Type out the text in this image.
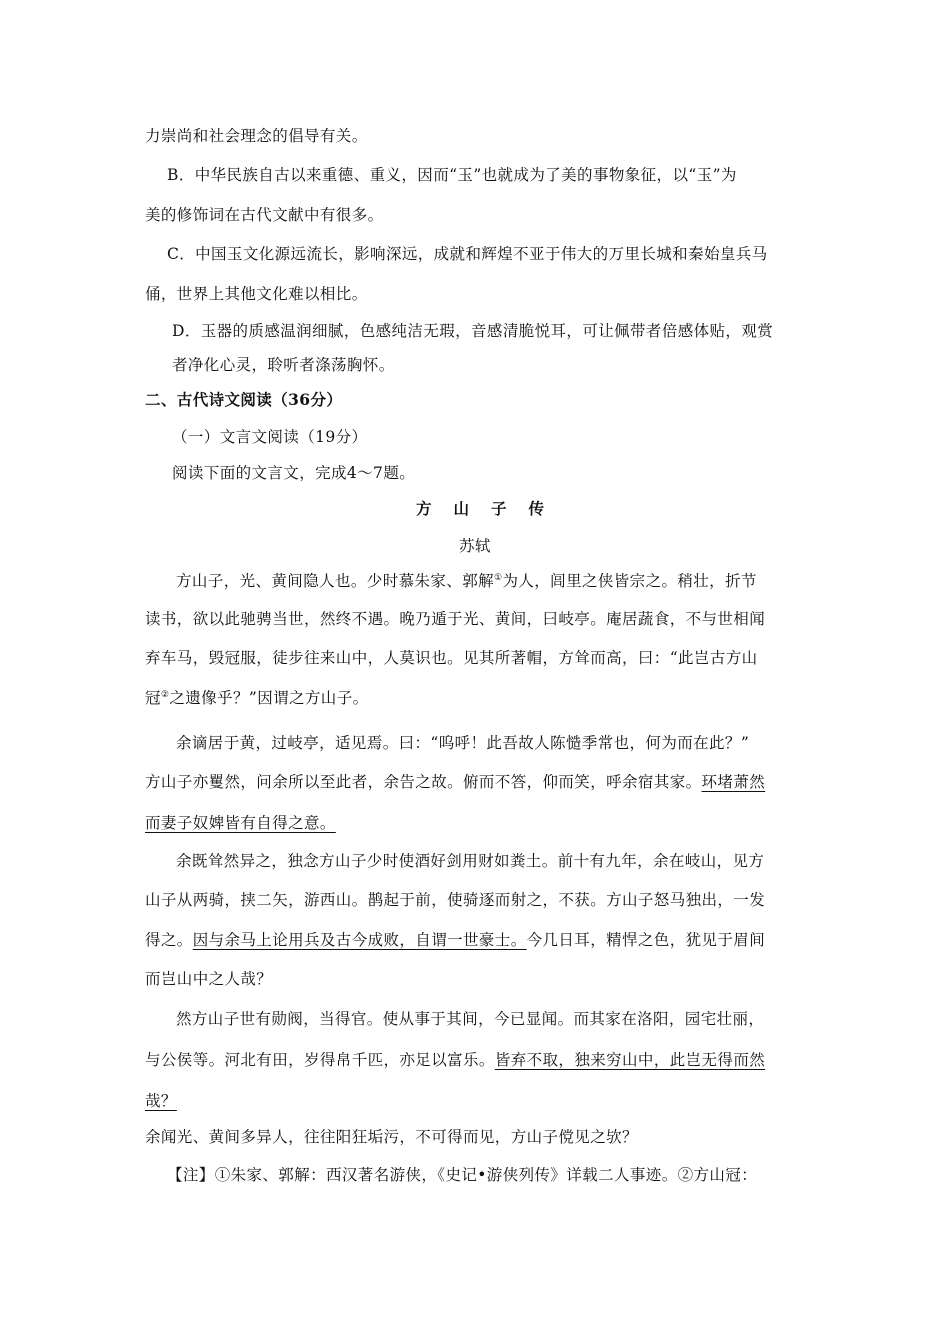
力崇尚和社会理念的倡导有关。
B．中华民族自古以来重德、重义，因而“玉”也就成为了美的事物象征，以“玉”为
美的修饰词在古代文献中有很多。
C．中国玉文化源远流长，影响深远，成就和辉煌不亚于伟大的万里长城和秦始皇兵马
俑，世界上其他文化难以相比。
D．玉器的质感温润细腻，色感纯洁无瑕，音感清脆悦耳，可让佩带者倍感体贴，观赏
者净化心灵，聆听者涤荡胸怀。
二、古代诗文阅读（36分）
（一）文言文阅读（19分）
阅读下面的文言文，完成4～7题。
方山子传
苏轼
方山子，光、黄间隐人也。少时慕朱家、郭解①为人，闾里之侠皆宗之。稍壮，折节
读书，欲以此驰骋当世，然终不遇。晚乃遁于光、黄间，曰岐亭。庵居蔬食，不与世相闻
弃车马，毁冠服，徒步往来山中，人莫识也。见其所著帽，方耸而高，曰：“此岂古方山
冠②之遗像乎？”因谓之方山子。
余谪居于黄，过岐亭，适见焉。曰：“呜呼！此吾故人陈慥季常也，何为而在此？”
方山子亦矍然，问余所以至此者，余告之故。俯而不答，仰而笑，呼余宿其家。环堵萧然
而妻子奴婢皆有自得之意。
余既耸然异之，独念方山子少时使酒好剑用财如粪土。前十有九年，余在岐山，见方
山子从两骑，挟二矢，游西山。鹊起于前，使骑逐而射之，不获。方山子怒马独出，一发
得之。因与余马上论用兵及古今成败，自谓一世豪士。今几日耳，精悍之色，犹见于眉间
而岂山中之人哉？
然方山子世有勋阀，当得官。使从事于其间，今已显闻。而其家在洛阳，园宅壮丽，
与公侯等。河北有田，岁得帛千匹，亦足以富乐。皆弃不取，独来穷山中，此岂无得而然
哉？
余闻光、黄间多异人，往往阳狂垢污，不可得而见，方山子傥见之欤？
【注】①朱家、郭解：西汉著名游侠，《史记•游侠列传》详载二人事迹。②方山冠：
